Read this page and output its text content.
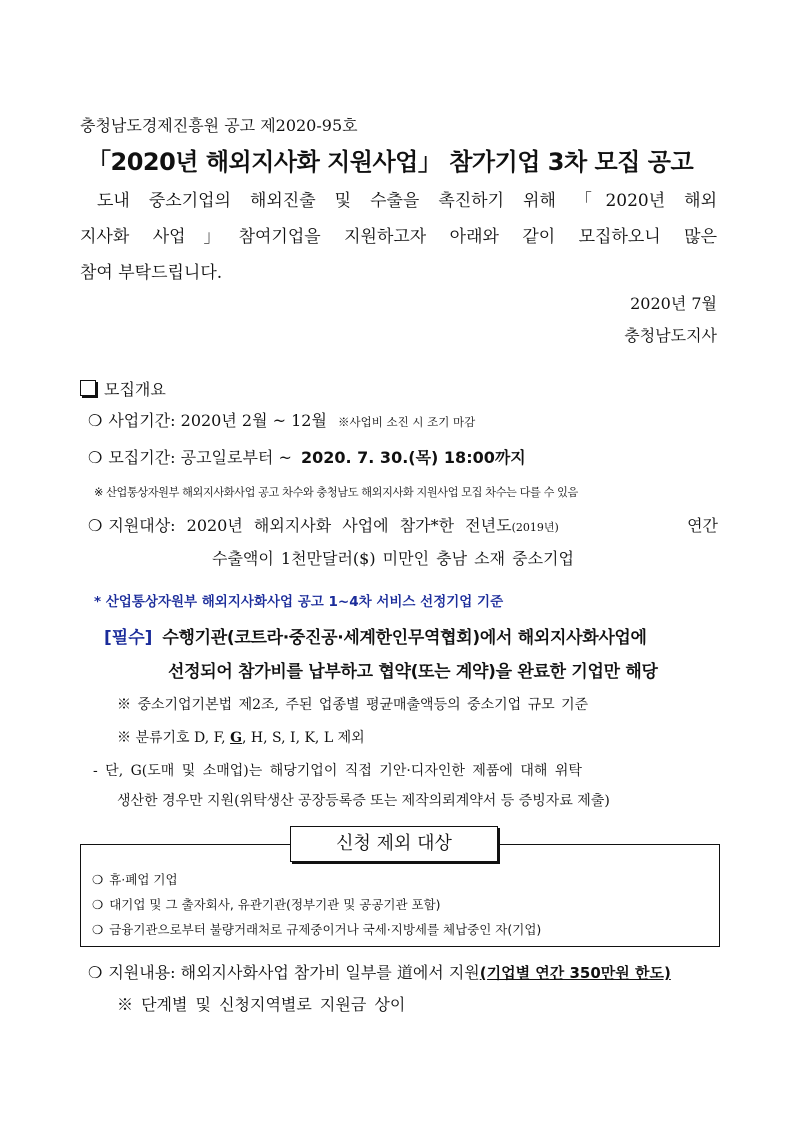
충청남도경제진흥원 공고 제2020-95호
「2020년 해외지사화 지원사업」 참가기업 3차 모집 공고
도내 중소기업의 해외진출 및 수출을 촉진하기 위해 「2020년 해외
지사화 사업」참여기업을 지원하고자 아래와 같이 모집하오니 많은
참여 부탁드립니다.
2020년 7월
충청남도지사
모집개요
❍ 사업기간: 2020년 2월 ~ 12월 ※사업비 소진 시 조기 마감
❍ 모집기간: 공고일로부터 ~ 2020. 7. 30.(목) 18:00까지
※ 산업통상자원부 해외지사화사업 공고 차수와 충청남도 해외지사화 지원사업 모집 차수는 다를 수 있음
❍ 지원대상: 2020년 해외지사화 사업에 참가*한 전년도(2019년)	연간
수출액이 1천만달러($) 미만인 충남 소재 중소기업
* 산업통상자원부 해외지사화사업 공고 1~4차 서비스 선정기업 기준
[필수] 수행기관(코트라·중진공·세계한인무역협회)에서 해외지사화사업에
선정되어 참가비를 납부하고 협약(또는 계약)을 완료한 기업만 해당
※ 중소기업기본법 제2조, 주된 업종별 평균매출액등의 중소기업 규모 기준
※ 분류기호 D, F, G, H, S, I, K, L 제외
- 단, G(도매 및 소매업)는 해당기업이 직접 기안·디자인한 제품에 대해 위탁
생산한 경우만 지원(위탁생산 공장등록증 또는 제작의뢰계약서 등 증빙자료 제출)
신청 제외 대상
❍ 휴·폐업 기업
❍ 대기업 및 그 출자회사, 유관기관(정부기관 및 공공기관 포함)
❍ 금융기관으로부터 불량거래처로 규제중이거나 국세·지방세를 체납중인 자(기업)
❍ 지원내용: 해외지사화사업 참가비 일부를 道에서 지원(기업별 연간 350만원 한도)
※ 단계별 및 신청지역별로 지원금 상이
